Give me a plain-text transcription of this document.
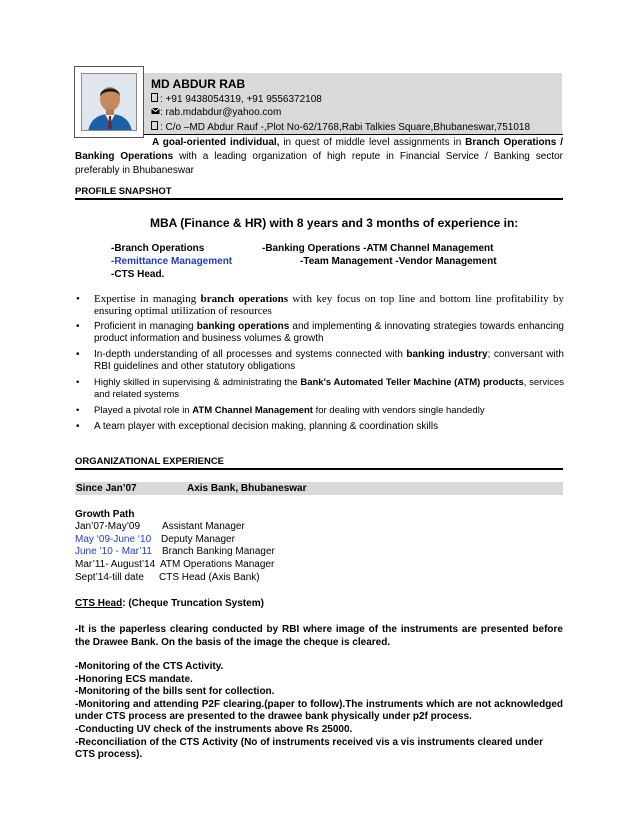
MD ABDUR RAB
: +91 9438054319, +91 9556372108
: rab.mdabdur@yahoo.com
: C/o –MD Abdur Rauf -,Plot No-62/1768,Rabi Talkies Square,Bhubaneswar,751018
A goal-oriented individual, in quest of middle level assignments in Branch Operations / Banking Operations with a leading organization of high repute in Financial Service / Banking sector preferably in Bhubaneswar
PROFILE SNAPSHOT
MBA (Finance & HR) with 8 years and 3 months of experience in:
-Branch Operations	-Banking Operations -ATM Channel Management
-Remittance Management	-Team Management -Vendor Management
-CTS Head.
• Expertise in managing branch operations with key focus on top line and bottom line profitability by ensuring optimal utilization of resources
• Proficient in managing banking operations and implementing & innovating strategies towards enhancing product information and business volumes & growth
• In-depth understanding of all processes and systems connected with banking industry; conversant with RBI guidelines and other statutory obligations
• Highly skilled in supervising & administrating the Bank's Automated Teller Machine (ATM) products, services and related systems
• Played a pivotal role in ATM Channel Management for dealing with vendors single handedly
• A team player with exceptional decision making, planning & coordination skills
ORGANIZATIONAL EXPERIENCE
Since Jan’07	Axis Bank, Bhubaneswar
Growth Path
Jan’07-May’09 Assistant Manager
May ‘09-June ‘10 Deputy Manager
June ’10 - Mar’11 Branch Banking Manager
Mar’11- August’14 ATM Operations Manager
Sept’14-till date CTS Head (Axis Bank)
CTS Head: (Cheque Truncation System)
-It is the paperless clearing conducted by RBI where image of the instruments are presented before the Drawee Bank. On the basis of the image the cheque is cleared.
-Monitoring of the CTS Activity.
-Honoring ECS mandate.
-Monitoring of the bills sent for collection.
-Monitoring and attending P2F clearing.(paper to follow).The instruments which are not acknowledged under CTS process are presented to the drawee bank physically under p2f process.
-Conducting UV check of the instruments above Rs 25000.
-Reconciliation of the CTS Activity (No of instruments received vis a vis instruments cleared under CTS process).
